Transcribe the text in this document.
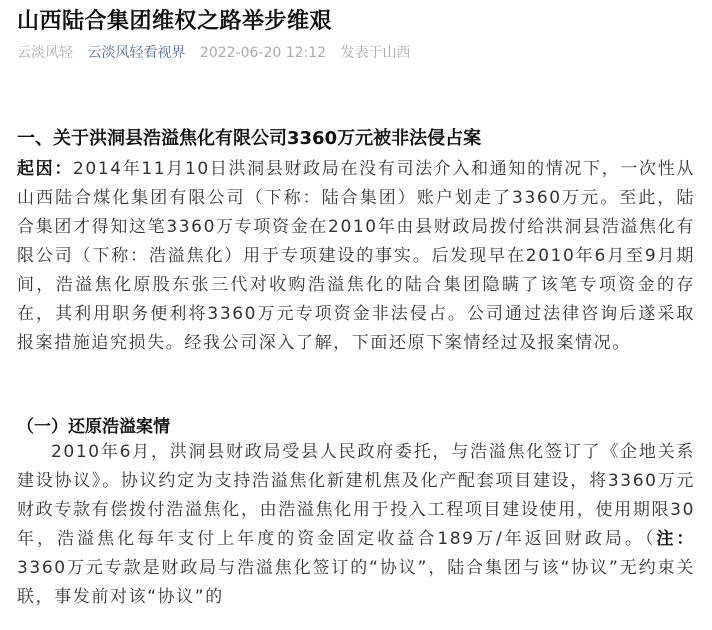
山西陆合集团维权之路举步维艰
云淡风轻 云淡风轻看视界 2022-06-20 12:12 发表于山西
一、关于洪洞县浩溢焦化有限公司3360万元被非法侵占案
起因：2014年11月10日洪洞县财政局在没有司法介入和通知的情况下，一次性从山西陆合煤化集团有限公司（下称：陆合集团）账户划走了3360万元。至此，陆合集团才得知这笔3360万专项资金在2010年由县财政局拨付给洪洞县浩溢焦化有限公司（下称：浩溢焦化）用于专项建设的事实。后发现早在2010年6月至9月期间，浩溢焦化原股东张三代对收购浩溢焦化的陆合集团隐瞒了该笔专项资金的存在，其利用职务便利将3360万元专项资金非法侵占。公司通过法律咨询后遂采取报案措施追究损失。经我公司深入了解，下面还原下案情经过及报案情况。
（一）还原浩溢案情
2010年6月，洪洞县财政局受县人民政府委托，与浩溢焦化签订了《企地关系建设协议》。协议约定为支持浩溢焦化新建机焦及化产配套项目建设，将3360万元财政专款有偿拨付浩溢焦化，由浩溢焦化用于投入工程项目建设使用，使用期限30年，浩溢焦化每年支付上年度的资金固定收益合189万/年返回财政局。（注：3360万元专款是财政局与浩溢焦化签订的“协议”，陆合集团与该“协议”无约束关联，事发前对该“协议”的
